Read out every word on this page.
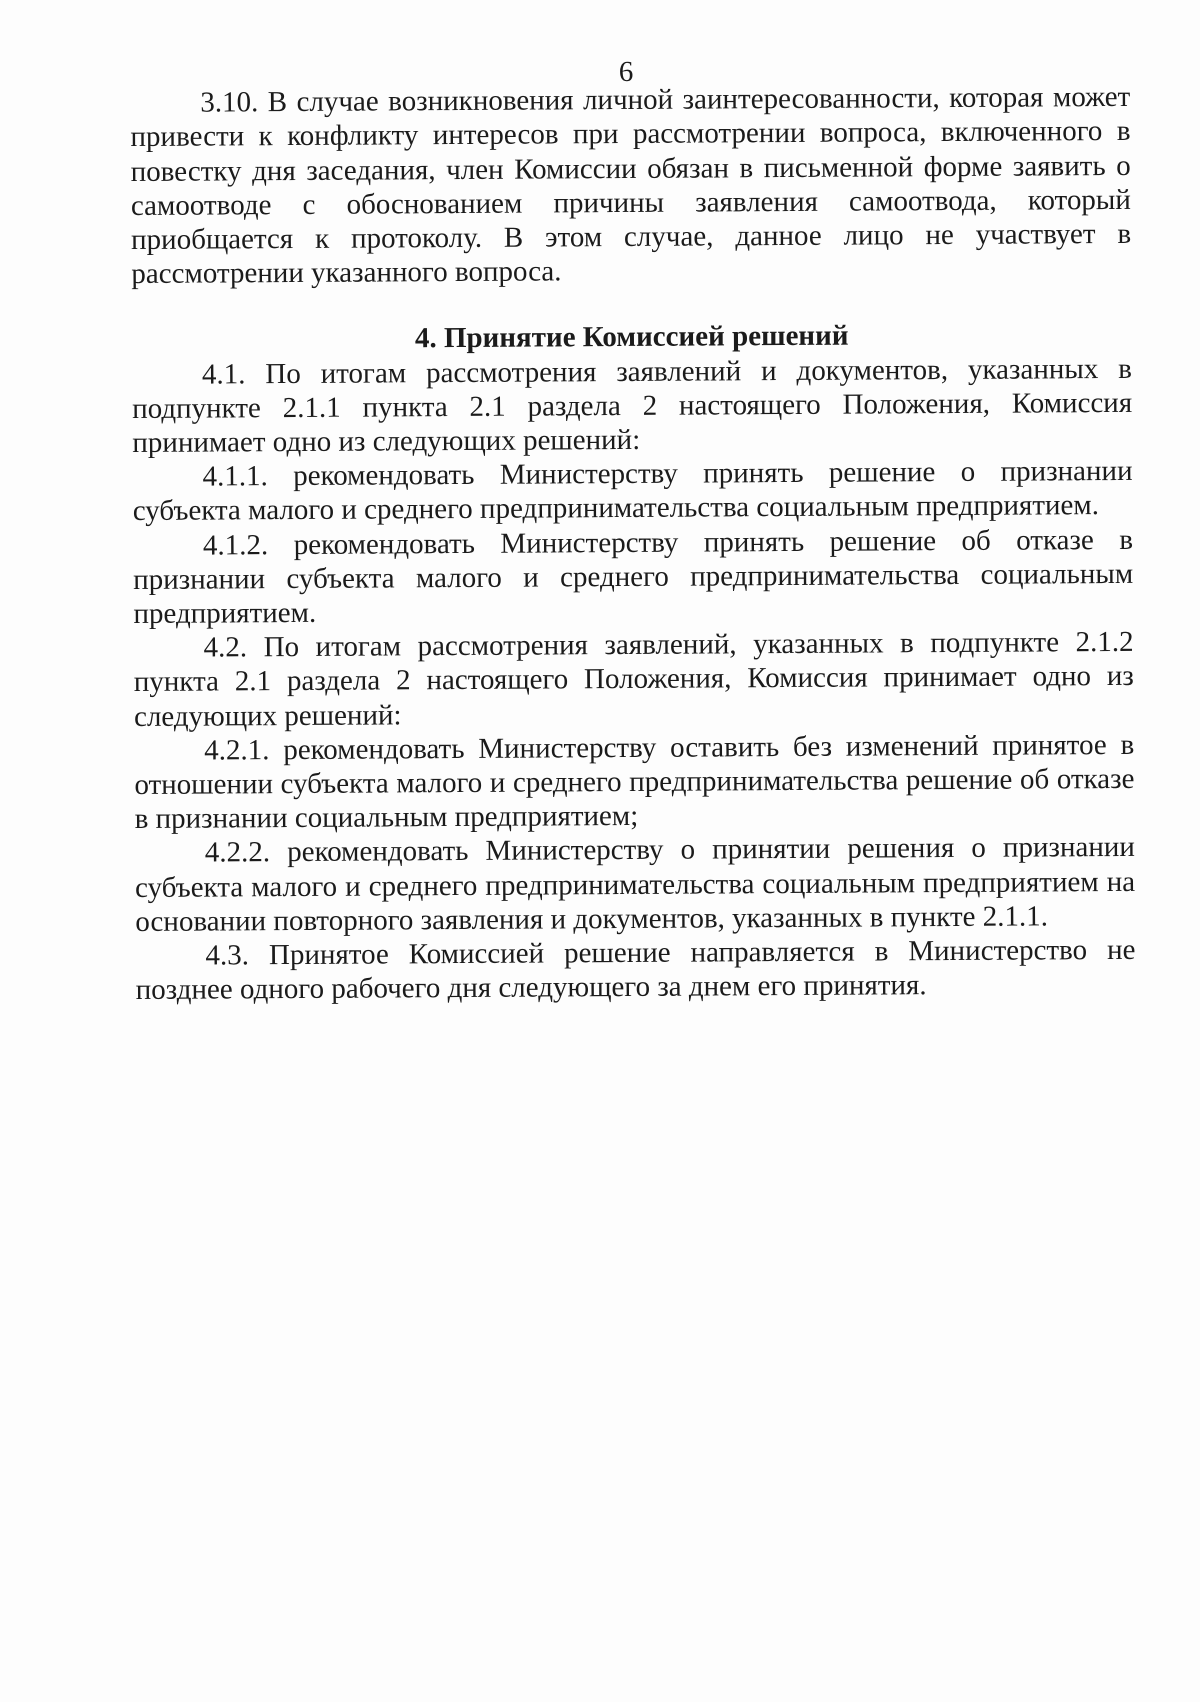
6

3.10. В случае возникновения личной заинтересованности, которая может привести к конфликту интересов при рассмотрении вопроса, включенного в повестку дня заседания, член Комиссии обязан в письменной форме заявить о самоотводе с обоснованием причины заявления самоотвода, который приобщается к протоколу. В этом случае, данное лицо не участвует в рассмотрении указанного вопроса.

4. Принятие Комиссией решений

4.1. По итогам рассмотрения заявлений и документов, указанных в подпункте 2.1.1 пункта 2.1 раздела 2 настоящего Положения, Комиссия принимает одно из следующих решений:

4.1.1. рекомендовать Министерству принять решение о признании субъекта малого и среднего предпринимательства социальным предприятием.

4.1.2. рекомендовать Министерству принять решение об отказе в признании субъекта малого и среднего предпринимательства социальным предприятием.

4.2. По итогам рассмотрения заявлений, указанных в подпункте 2.1.2 пункта 2.1 раздела 2 настоящего Положения, Комиссия принимает одно из следующих решений:

4.2.1. рекомендовать Министерству оставить без изменений принятое в отношении субъекта малого и среднего предпринимательства решение об отказе в признании социальным предприятием;

4.2.2. рекомендовать Министерству о принятии решения о признании субъекта малого и среднего предпринимательства социальным предприятием на основании повторного заявления и документов, указанных в пункте 2.1.1.

4.3. Принятое Комиссией решение направляется в Министерство не позднее одного рабочего дня следующего за днем его принятия.
